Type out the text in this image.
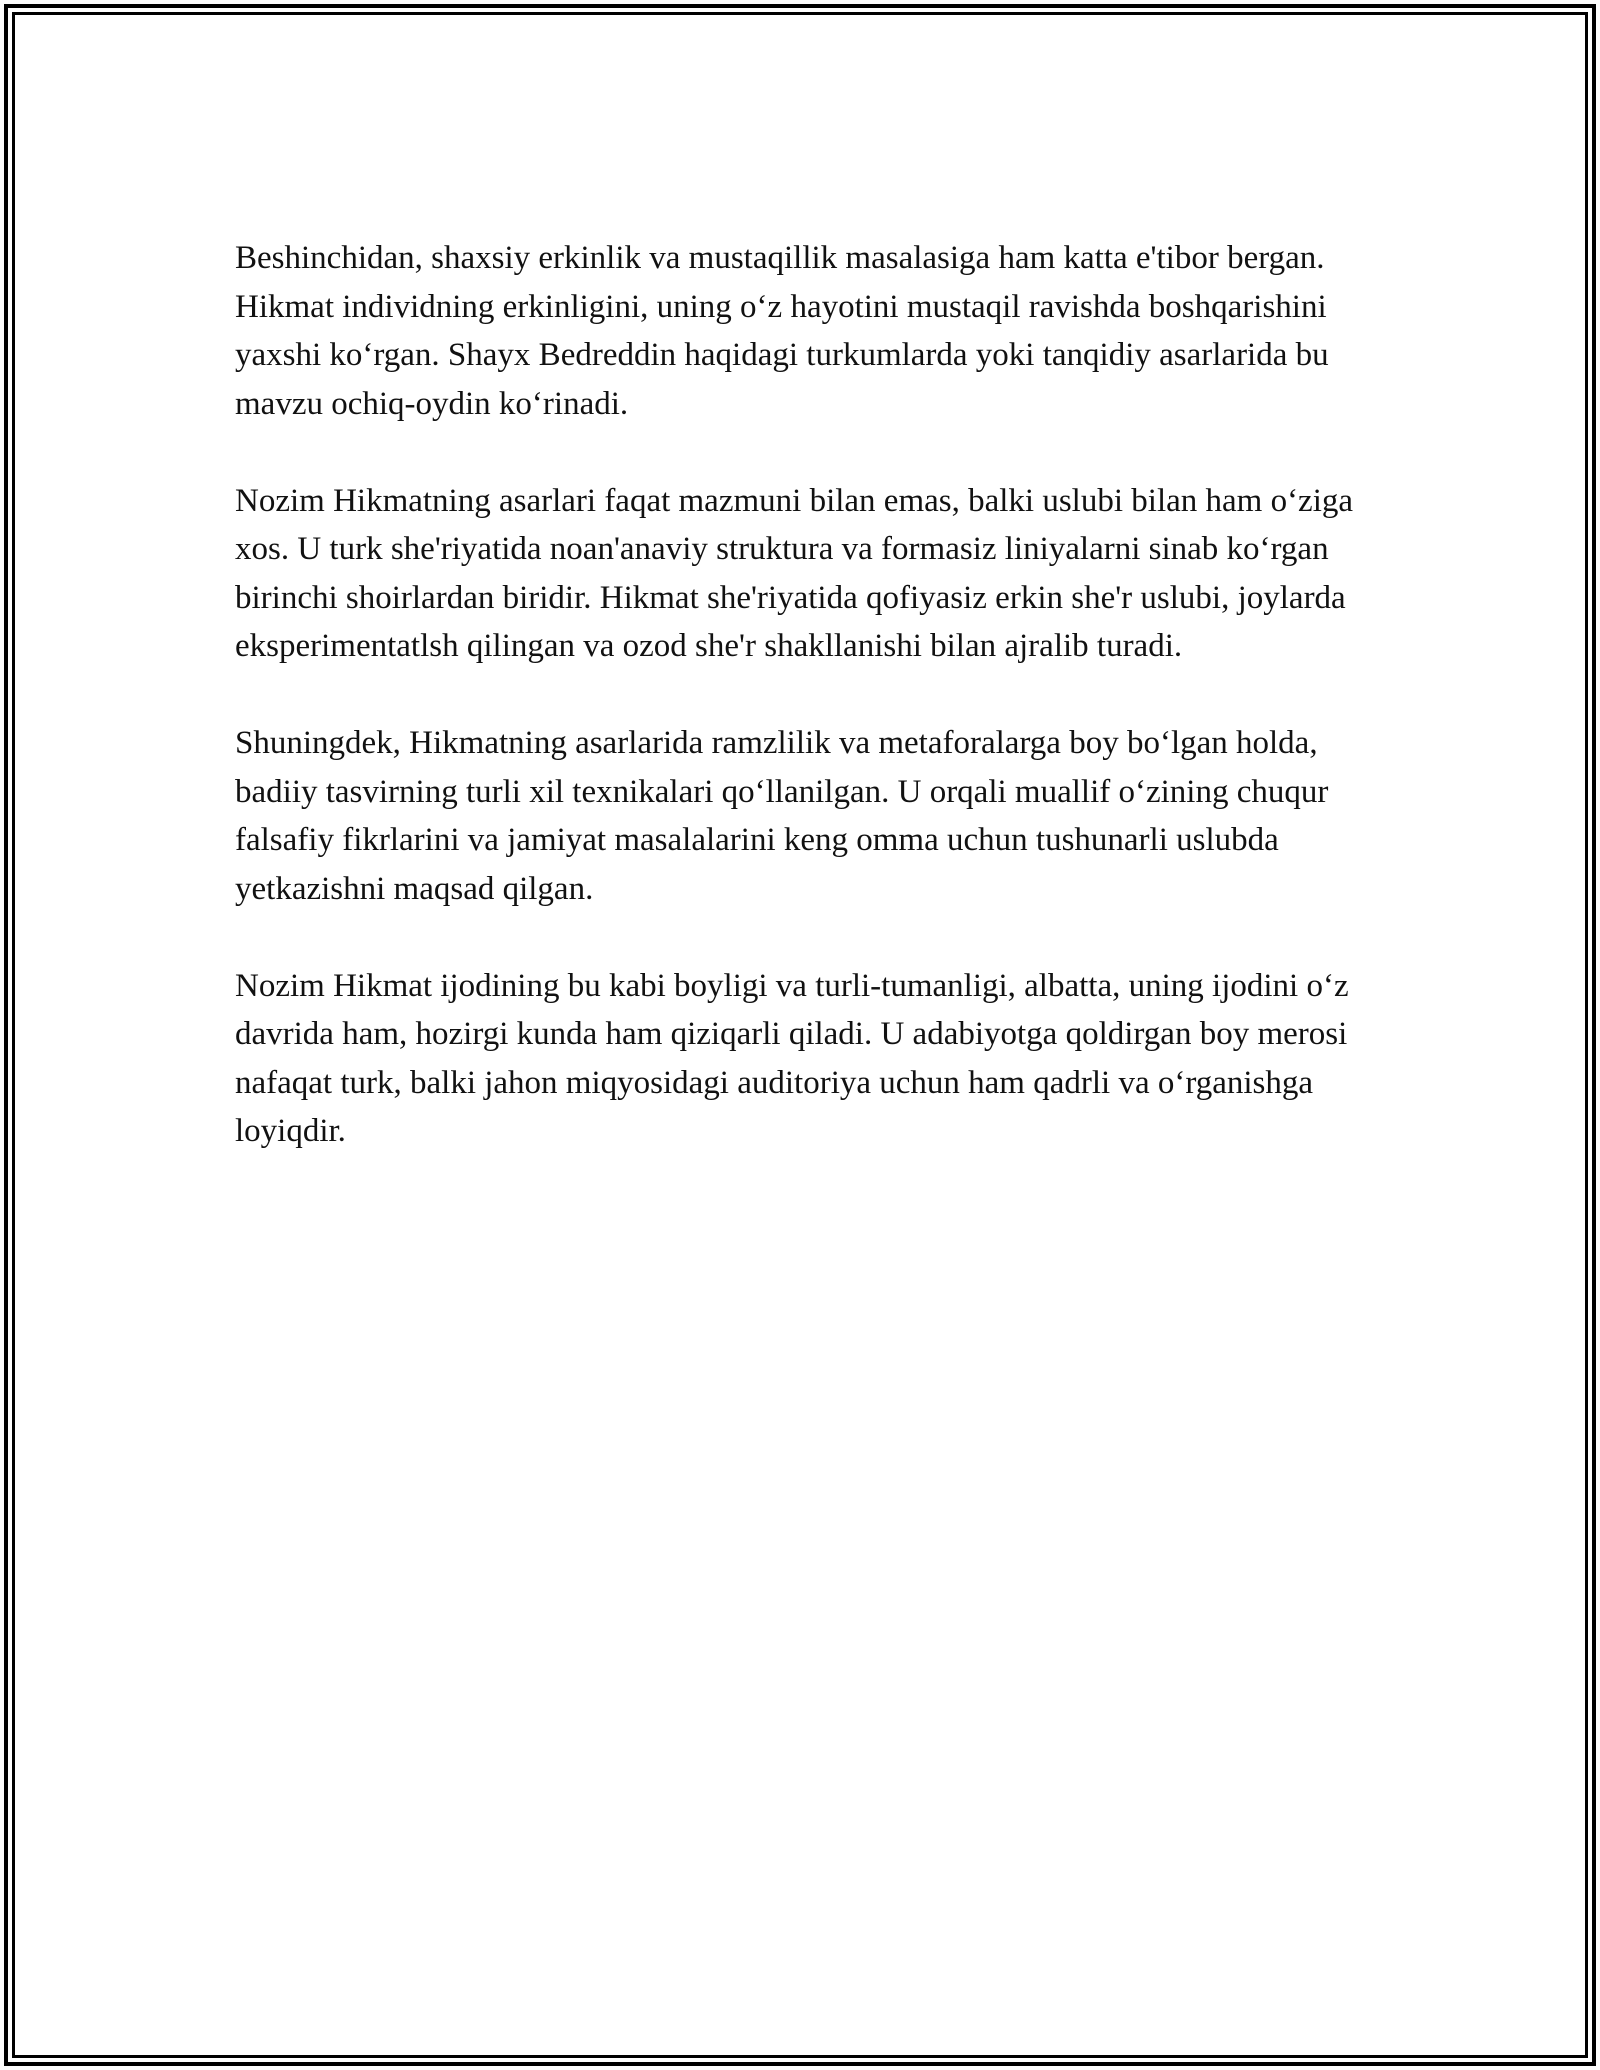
Beshinchidan, shaxsiy erkinlik va mustaqillik masalasiga ham katta e'tibor bergan. Hikmat individning erkinligini, uning o‘z hayotini mustaqil ravishda boshqarishini yaxshi ko‘rgan. Shayx Bedreddin haqidagi turkumlarda yoki tanqidiy asarlarida bu mavzu ochiq-oydin ko‘rinadi.

Nozim Hikmatning asarlari faqat mazmuni bilan emas, balki uslubi bilan ham o‘ziga xos. U turk she'riyatida noan'anaviy struktura va formasiz liniyalarni sinab ko‘rgan birinchi shoirlardan biridir. Hikmat she'riyatida qofiyasiz erkin she'r uslubi, joylarda eksperimentatlsh qilingan va ozod she'r shakllanishi bilan ajralib turadi.

Shuningdek, Hikmatning asarlarida ramzlilik va metaforalarga boy bo‘lgan holda, badiiy tasvirning turli xil texnikalari qo‘llanilgan. U orqali muallif o‘zining chuqur falsafiy fikrlarini va jamiyat masalalarini keng omma uchun tushunarli uslubda yetkazishni maqsad qilgan.

Nozim Hikmat ijodining bu kabi boyligi va turli-tumanligi, albatta, uning ijodini o‘z davrida ham, hozirgi kunda ham qiziqarli qiladi. U adabiyotga qoldirgan boy merosi nafaqat turk, balki jahon miqyosidagi auditoriya uchun ham qadrli va o‘rganishga loyiqdir.
